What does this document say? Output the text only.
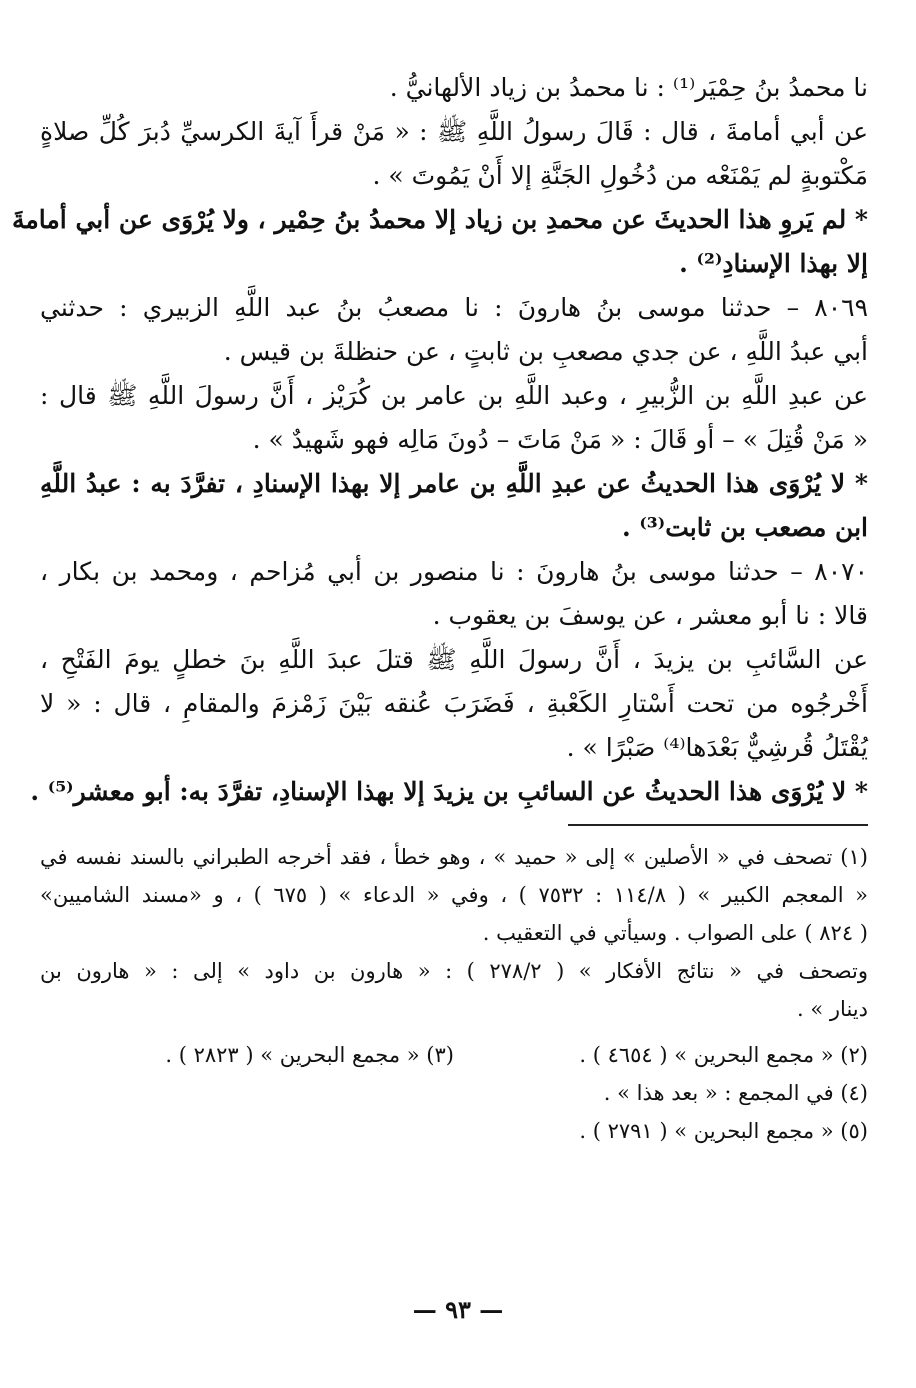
نا محمدُ بنُ حِمْيَر⁽¹⁾ : نا محمدُ بن زياد الألهانيُّ .
عن أبي أمامةَ ، قال : قَالَ رسولُ اللَّهِ ﷺ : « مَنْ قرأَ آيةَ الكرسيِّ دُبرَ كُلِّ صلاةٍ
مَكْتوبةٍ لم يَمْنَعْه من دُخُولِ الجَنَّةِ إلا أَنْ يَمُوتَ » .
* لم يَروِ هذا الحديثَ عن محمدِ بن زياد إلا محمدُ بنُ حِمْير ، ولا يُرْوَى عن أبي أمامةَ
إلا بهذا الإسنادِ⁽²⁾ .
٨٠٦٩ – حدثنا موسى بنُ هارونَ : نا مصعبُ بنُ عبد اللَّهِ الزبيري : حدثني
أبي عبدُ اللَّهِ ، عن جدي مصعبِ بن ثابتٍ ، عن حنظلةَ بن قيس .
عن عبدِ اللَّهِ بن الزُّبيرِ ، وعبد اللَّهِ بن عامر بن كُرَيْز ، أَنَّ رسولَ اللَّهِ ﷺ قال :
« مَنْ قُتِلَ » – أو قَالَ : « مَنْ مَاتَ – دُونَ مَالِه فهو شَهيدٌ » .
* لا يُرْوَى هذا الحديثُ عن عبدِ اللَّهِ بن عامر إلا بهذا الإسنادِ ، تفرَّدَ به : عبدُ اللَّهِ
ابن مصعب بن ثابت⁽³⁾ .
٨٠٧٠ – حدثنا موسى بنُ هارونَ : نا منصور بن أبي مُزاحم ، ومحمد بن بكار ،
قالا : نا أبو معشر ، عن يوسفَ بن يعقوب .
عن السَّائبِ بن يزيدَ ، أَنَّ رسولَ اللَّهِ ﷺ قتلَ عبدَ اللَّهِ بنَ خطلٍ يومَ الفَتْحِ ،
أَخْرجُوه من تحت أَسْتارِ الكَعْبةِ ، فَضَرَبَ عُنقه بَيْنَ زَمْزمَ والمقامِ ، قال : « لا
يُقْتَلُ قُرشِيٌّ بَعْدَها⁽⁴⁾ صَبْرًا » .
* لا يُرْوَى هذا الحديثُ عن السائبِ بن يزيدَ إلا بهذا الإسنادِ، تفرَّدَ به: أبو معشر⁽⁵⁾ .
(١) تصحف في « الأصلين » إلى « حميد » ، وهو خطأ ، فقد أخرجه الطبراني بالسند نفسه في
« المعجم الكبير » ( ١١٤/٨ : ٧٥٣٢ ) ، وفي « الدعاء » ( ٦٧٥ ) ، و «مسند الشاميين»
( ٨٢٤ ) على الصواب . وسيأتي في التعقيب .
وتصحف في « نتائج الأفكار » ( ٢٧٨/٢ ) : « هارون بن داود » إلى : « هارون بن
دينار » .
(٢) « مجمع البحرين » ( ٤٦٥٤ ) .
(٣) « مجمع البحرين » ( ٢٨٢٣ ) .
(٤) في المجمع : « بعد هذا » .
(٥) « مجمع البحرين » ( ٢٧٩١ ) .
— ٩٣ —
